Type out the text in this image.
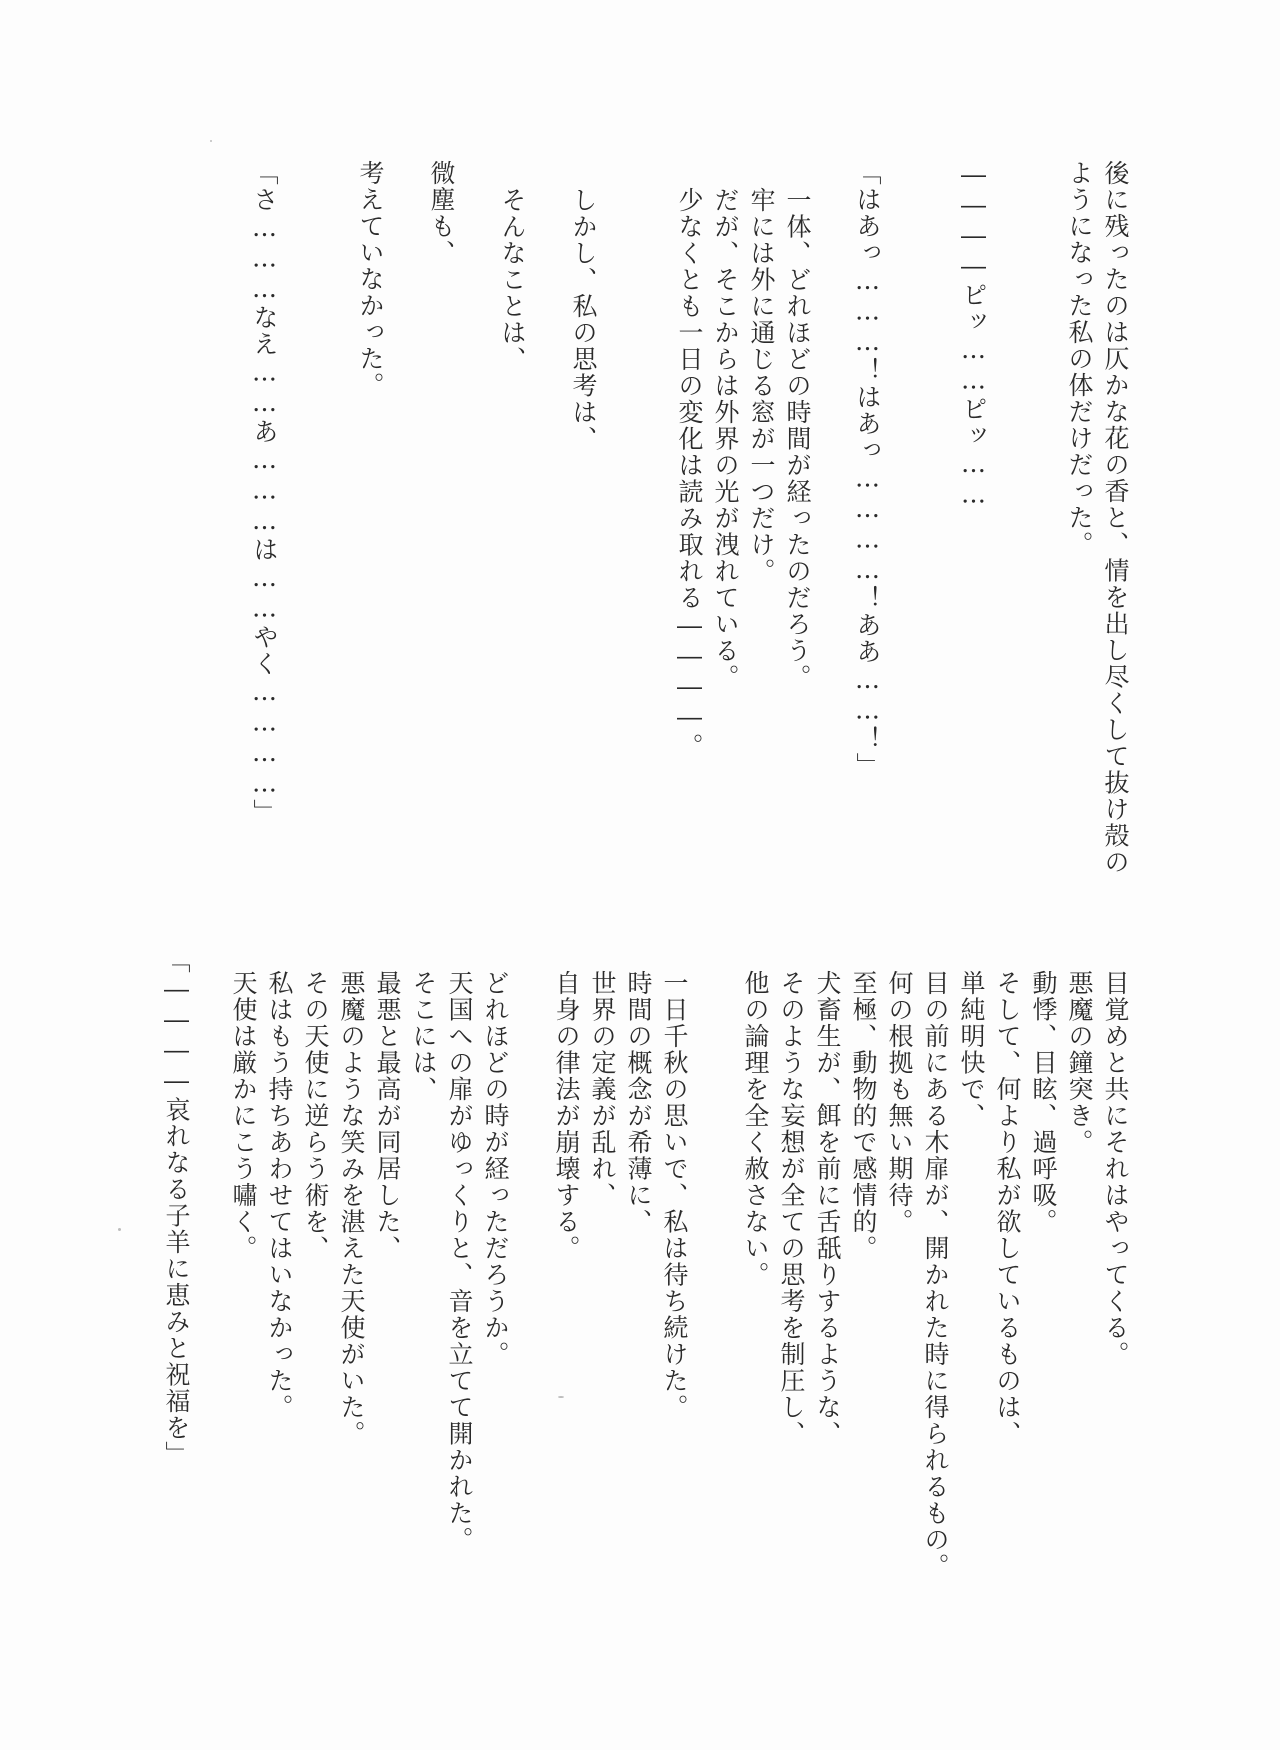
後に残ったのは仄かな花の香と、情を出し尽くして抜け殻の
ようになった私の体だけだった。
――――ピッ……ピッ……
「はあっ………！はあっ…………！ああ……！」
一体、どれほどの時間が経ったのだろう。
牢には外に通じる窓が一つだけ。
だが、そこからは外界の光が洩れている。
少なくとも一日の変化は読み取れる――――。
しかし、私の思考は、
そんなことは、
微塵も、
考えていなかった。
「さ………なえ……あ………は……やく…………」
目覚めと共にそれはやってくる。
悪魔の鐘突き。
動悸、目眩、過呼吸。
そして、何より私が欲しているものは、
単純明快で、
目の前にある木扉が、開かれた時に得られるもの。
何の根拠も無い期待。
至極、動物的で感情的。
犬畜生が、餌を前に舌舐りするような、
そのような妄想が全ての思考を制圧し、
他の論理を全く赦さない。
一日千秋の思いで、私は待ち続けた。
時間の概念が希薄に、
世界の定義が乱れ、
自身の律法が崩壊する。
どれほどの時が経っただろうか。
天国への扉がゆっくりと、音を立てて開かれた。
そこには、
最悪と最高が同居した、
悪魔のような笑みを湛えた天使がいた。
その天使に逆らう術を、
私はもう持ちあわせてはいなかった。
天使は厳かにこう嘯く。
「――――哀れなる子羊に恵みと祝福を」
